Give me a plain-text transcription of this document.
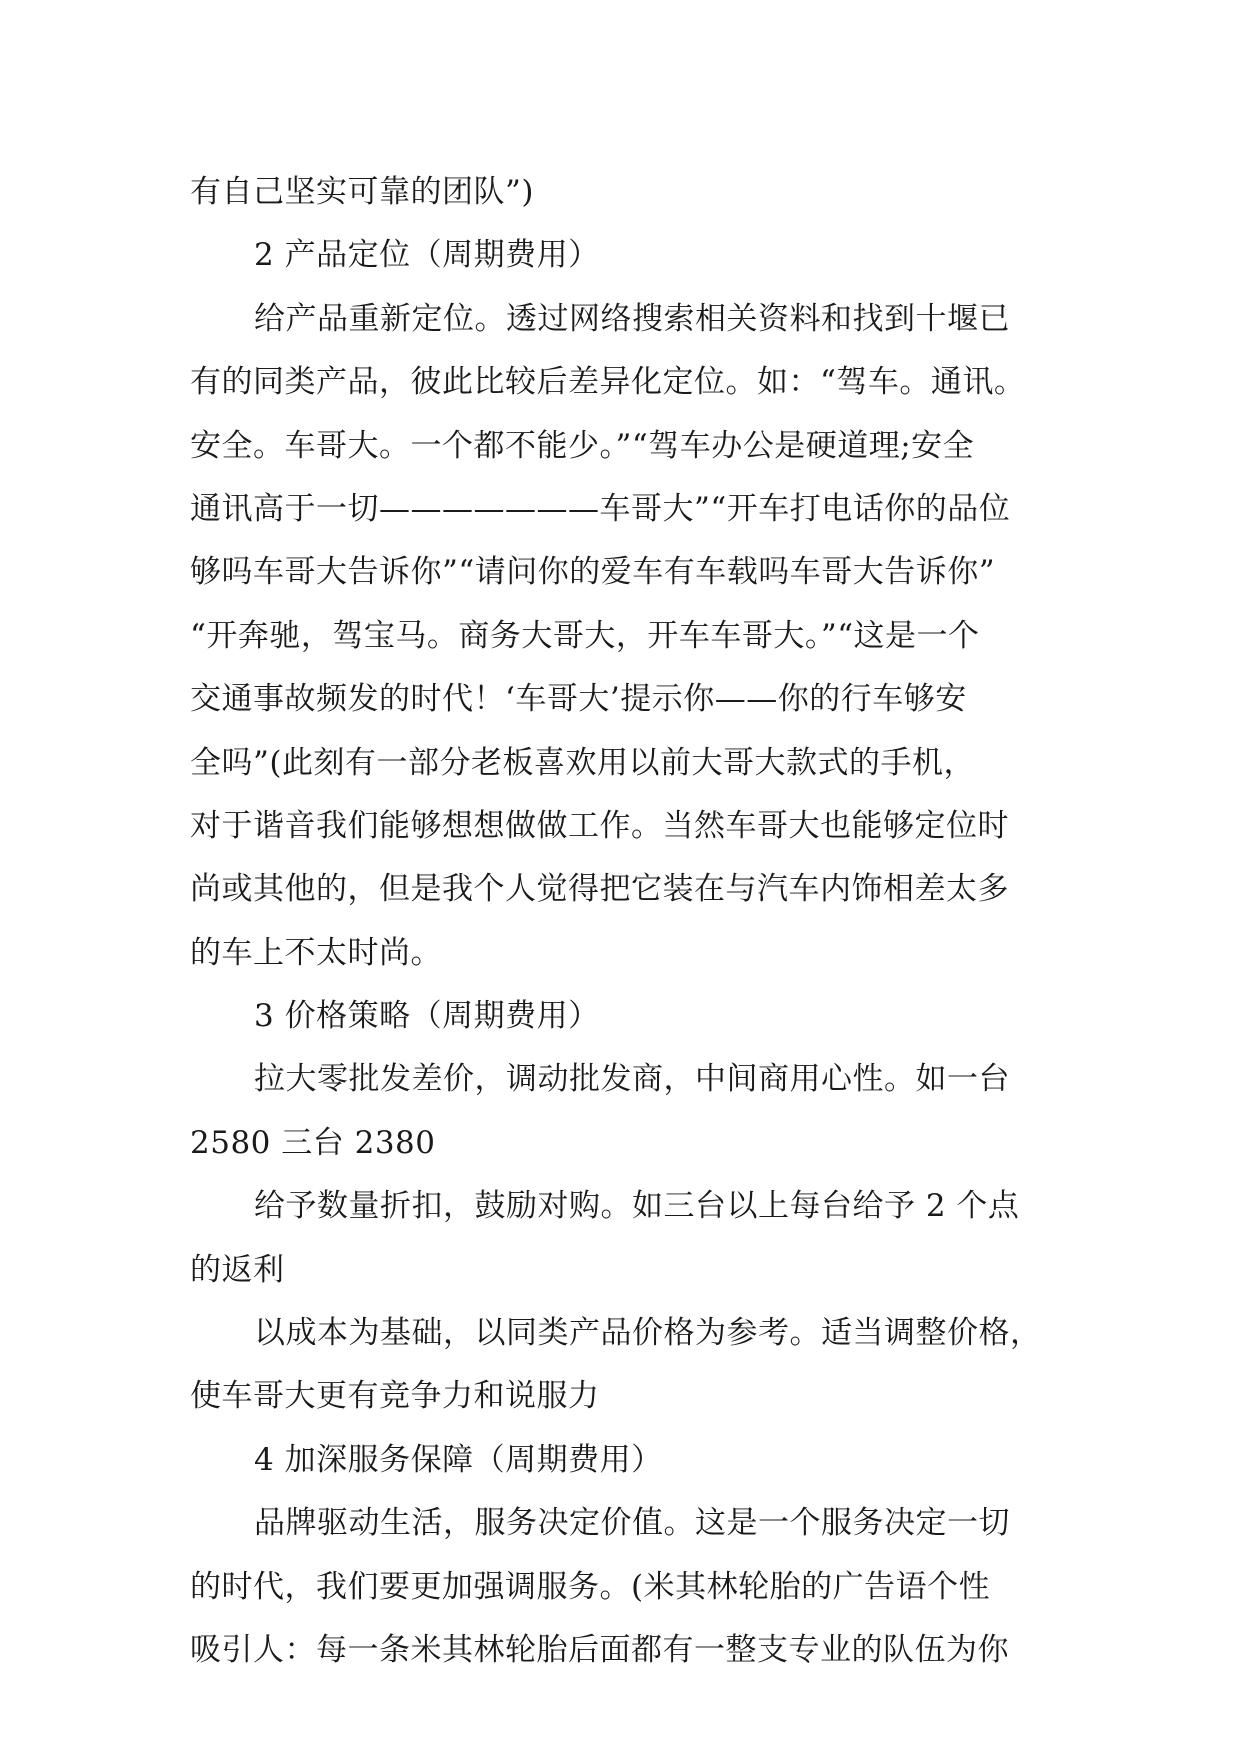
有自己坚实可靠的团队”)
2 产品定位（周期费用）
给产品重新定位。透过网络搜索相关资料和找到十堰已
有的同类产品，彼此比较后差异化定位。如：“驾车。通讯。
安全。车哥大。一个都不能少。”“驾车办公是硬道理;安全
通讯高于一切———————车哥大”“开车打电话你的品位
够吗车哥大告诉你”“请问你的爱车有车载吗车哥大告诉你”
“开奔驰，驾宝马。商务大哥大，开车车哥大。”“这是一个
交通事故频发的时代！‘车哥大’提示你——你的行车够安
全吗”(此刻有一部分老板喜欢用以前大哥大款式的手机，
对于谐音我们能够想想做做工作。当然车哥大也能够定位时
尚或其他的，但是我个人觉得把它装在与汽车内饰相差太多
的车上不太时尚。
3 价格策略（周期费用）
拉大零批发差价，调动批发商，中间商用心性。如一台
2580 三台 2380
给予数量折扣，鼓励对购。如三台以上每台给予 2 个点
的返利
以成本为基础，以同类产品价格为参考。适当调整价格，
使车哥大更有竞争力和说服力
4 加深服务保障（周期费用）
品牌驱动生活，服务决定价值。这是一个服务决定一切
的时代，我们要更加强调服务。(米其林轮胎的广告语个性
吸引人：每一条米其林轮胎后面都有一整支专业的队伍为你
